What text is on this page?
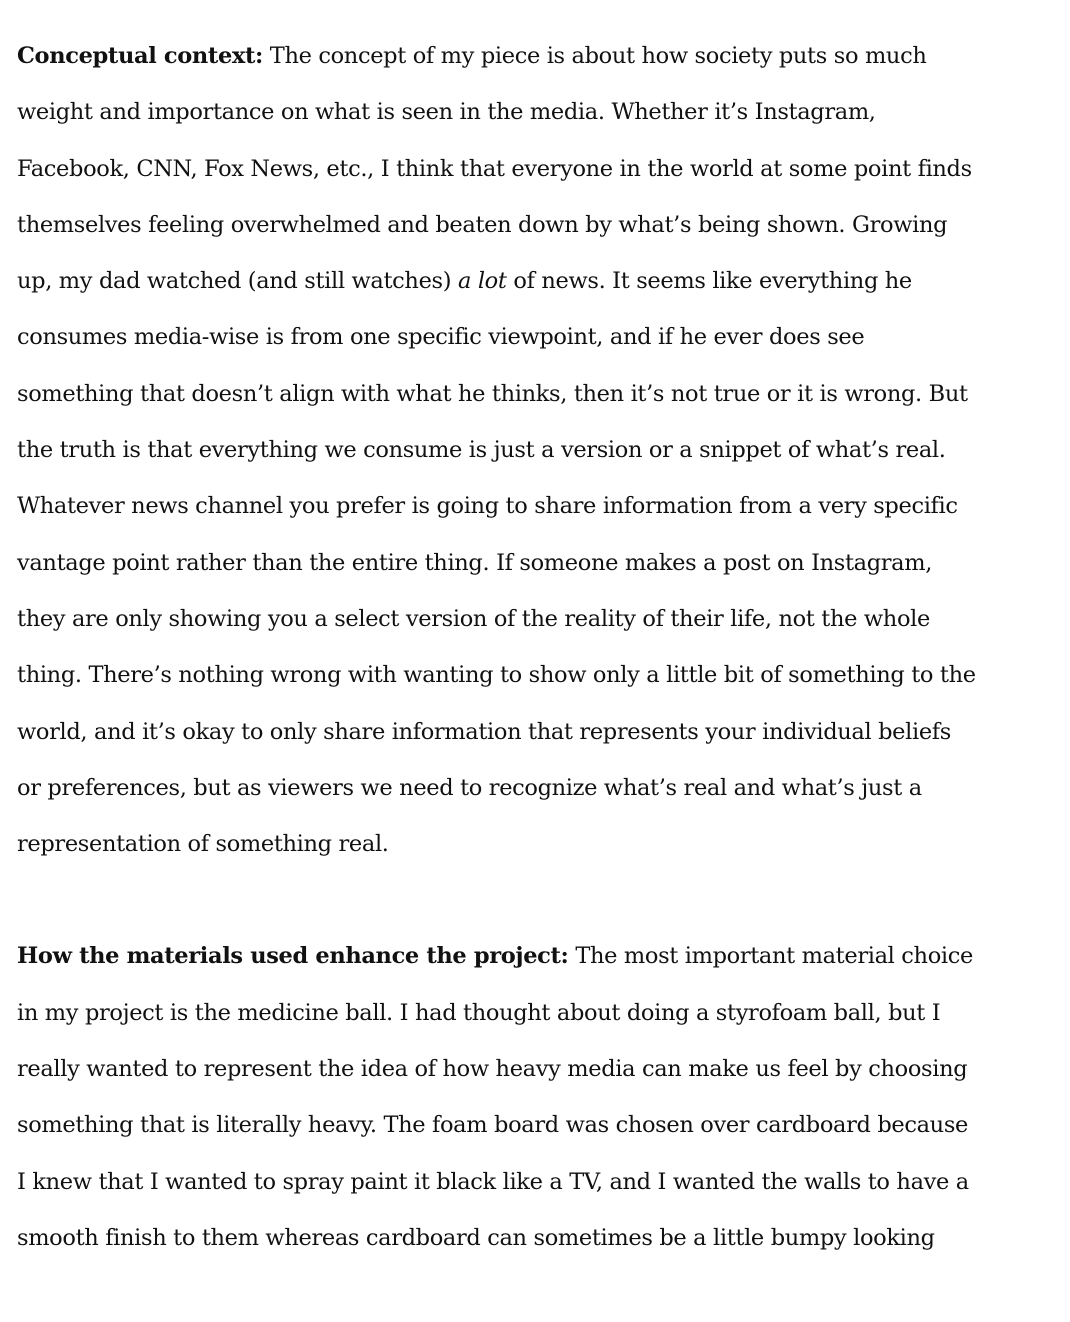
Conceptual context: The concept of my piece is about how society puts so much weight and importance on what is seen in the media. Whether it’s Instagram, Facebook, CNN, Fox News, etc., I think that everyone in the world at some point finds themselves feeling overwhelmed and beaten down by what’s being shown. Growing up, my dad watched (and still watches) a lot of news. It seems like everything he consumes media-wise is from one specific viewpoint, and if he ever does see something that doesn’t align with what he thinks, then it’s not true or it is wrong. But the truth is that everything we consume is just a version or a snippet of what’s real. Whatever news channel you prefer is going to share information from a very specific vantage point rather than the entire thing. If someone makes a post on Instagram, they are only showing you a select version of the reality of their life, not the whole thing. There’s nothing wrong with wanting to show only a little bit of something to the world, and it’s okay to only share information that represents your individual beliefs or preferences, but as viewers we need to recognize what’s real and what’s just a representation of something real.

How the materials used enhance the project: The most important material choice in my project is the medicine ball. I had thought about doing a styrofoam ball, but I really wanted to represent the idea of how heavy media can make us feel by choosing something that is literally heavy. The foam board was chosen over cardboard because I knew that I wanted to spray paint it black like a TV, and I wanted the walls to have a smooth finish to them whereas cardboard can sometimes be a little bumpy looking
